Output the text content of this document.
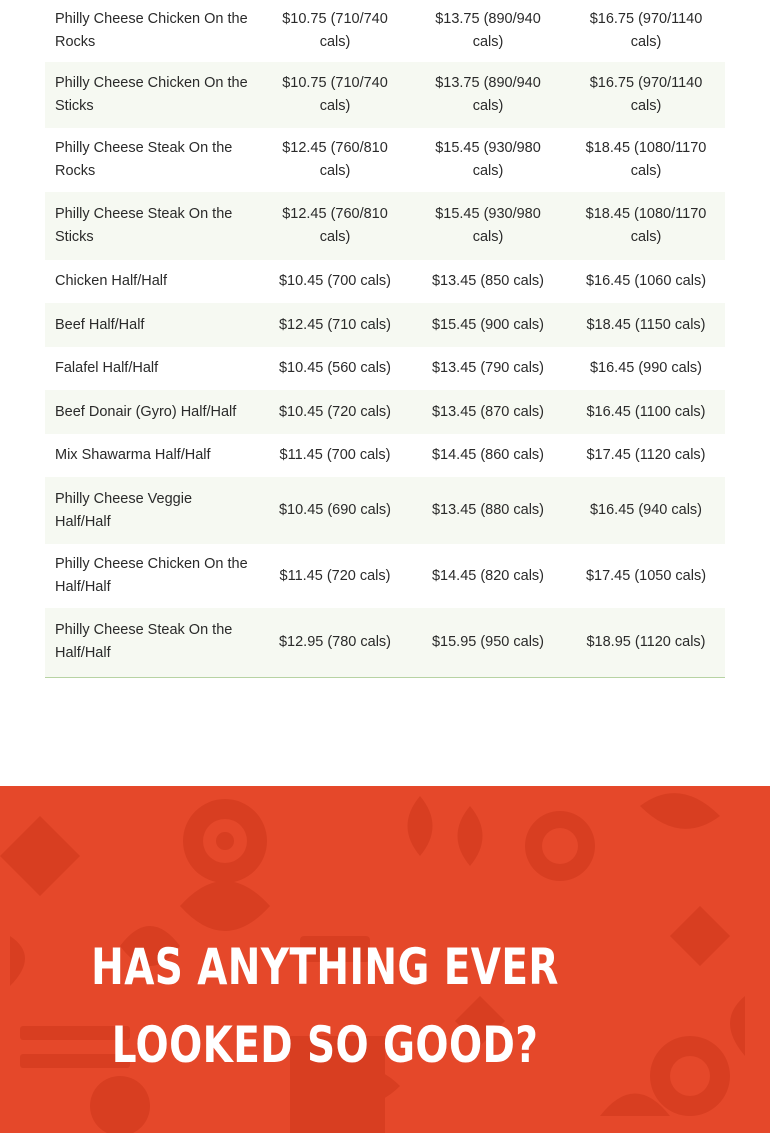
Philly Cheese Chicken On the Rocks	$10.75 (710/740 cals)	$13.75 (890/940 cals)	$16.75 (970/1140 cals)
Philly Cheese Chicken On the Sticks	$10.75 (710/740 cals)	$13.75 (890/940 cals)	$16.75 (970/1140 cals)
Philly Cheese Steak On the Rocks	$12.45 (760/810 cals)	$15.45 (930/980 cals)	$18.45 (1080/1170 cals)
Philly Cheese Steak On the Sticks	$12.45 (760/810 cals)	$15.45 (930/980 cals)	$18.45 (1080/1170 cals)
Chicken Half/Half	$10.45 (700 cals)	$13.45 (850 cals)	$16.45 (1060 cals)
Beef Half/Half	$12.45 (710 cals)	$15.45 (900 cals)	$18.45 (1150 cals)
Falafel Half/Half	$10.45 (560 cals)	$13.45 (790 cals)	$16.45 (990 cals)
Beef Donair (Gyro) Half/Half	$10.45 (720 cals)	$13.45 (870 cals)	$16.45 (1100 cals)
Mix Shawarma Half/Half	$11.45 (700 cals)	$14.45 (860 cals)	$17.45 (1120 cals)
Philly Cheese Veggie Half/Half	$10.45 (690 cals)	$13.45 (880 cals)	$16.45 (940 cals)
Philly Cheese Chicken On the Half/Half	$11.45 (720 cals)	$14.45 (820 cals)	$17.45 (1050 cals)
Philly Cheese Steak On the Half/Half	$12.95 (780 cals)	$15.95 (950 cals)	$18.95 (1120 cals)
HAS ANYTHING EVER LOOKED SO GOOD?
